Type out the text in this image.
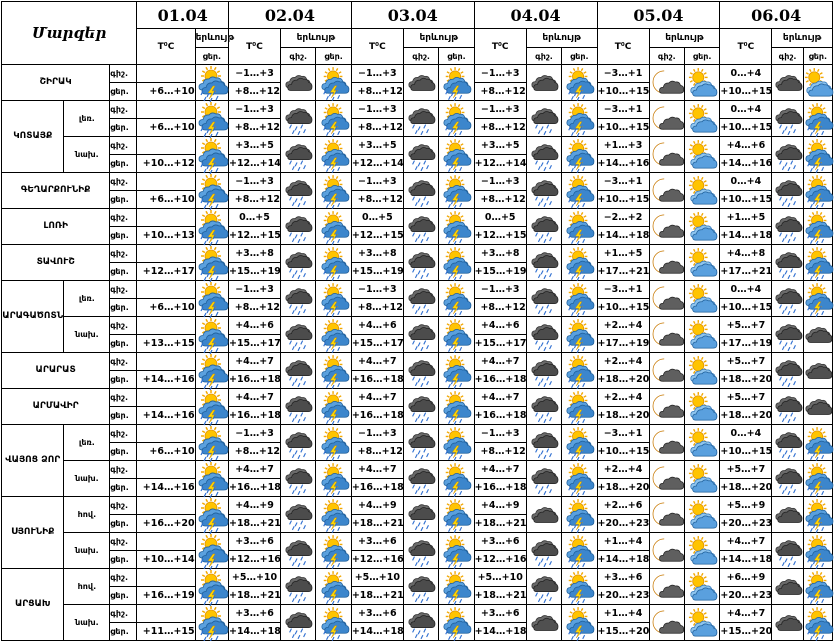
Մարզեր			01.04		02.04			03.04			04.04			05.04			06.04		
			T⁰C	երևույթ	T⁰C	երևույթ		T⁰C	երևույթ		T⁰C	երևույթ		T⁰C	երևույթ		T⁰C	երևույթ	
				ցեր.		գիշ.	ցեր.		գիշ.	ցեր.		գիշ.	ցեր.		գիշ.	ցեր.		գիշ.	ցեր.
ՇԻՐԱԿ		գիշ.			−1…+3			−1…+3			−1…+3			−3…+1			0…+4		
		ցեր.	+6…+10		+8…+12			+8…+12			+8…+12			+10…+15			+10…+15		
ԿՈՏԱՅՔ	լեռ.	գիշ.			−1…+3			−1…+3			−1…+3			−3…+1			0…+4		
		ցեր.	+6…+10		+8…+12			+8…+12			+8…+12			+10…+15			+10…+15		
	նախ.	գիշ.			+3…+5			+3…+5			+3…+5			+1…+3			+4…+6		
		ցեր.	+10…+12		+12…+14			+12…+14			+12…+14			+14…+16			+14…+16		
ԳԵՂԱՐՔՈՒՆԻՔ		գիշ.			−1…+3			−1…+3			−1…+3			−3…+1			0…+4		
		ցեր.	+6…+10		+8…+12			+8…+12			+8…+12			+10…+15			+10…+15		
ԼՈՌԻ		գիշ.			0…+5			0…+5			0…+5			−2…+2			+1…+5		
		ցեր.	+10…+13		+12…+15			+12…+15			+12…+15			+14…+18			+14…+18		
ՏԱՎՈՒՇ		գիշ.			+3…+8			+3…+8			+3…+8			+1…+5			+4…+8		
		ցեր.	+12…+17		+15…+19			+15…+19			+15…+19			+17…+21			+17…+21		
ԱՐԱԳԱԾՈՏՆ	լեռ.	գիշ.			−1…+3			−1…+3			−1…+3			−3…+1			0…+4		
		ցեր.	+6…+10		+8…+12			+8…+12			+8…+12			+10…+15			+10…+15		
	նախ.	գիշ.			+4…+6			+4…+6			+4…+6			+2…+4			+5…+7		
		ցեր.	+13…+15		+15…+17			+15…+17			+15…+17			+17…+19			+17…+19		
ԱՐԱՐԱՏ		գիշ.			+4…+7			+4…+7			+4…+7			+2…+4			+5…+7		
		ցեր.	+14…+16		+16…+18			+16…+18			+16…+18			+18…+20			+18…+20		
ԱՐՄԱՎԻՐ		գիշ.			+4…+7			+4…+7			+4…+7			+2…+4			+5…+7		
		ցեր.	+14…+16		+16…+18			+16…+18			+16…+18			+18…+20			+18…+20		
ՎԱՅՈՑ ՁՈՐ	լեռ.	գիշ.			−1…+3			−1…+3			−1…+3			−3…+1			0…+4		
		ցեր.	+6…+10		+8…+12			+8…+12			+8…+12			+10…+15			+10…+15		
	նախ.	գիշ.			+4…+7			+4…+7			+4…+7			+2…+4			+5…+7		
		ցեր.	+14…+16		+16…+18			+16…+18			+16…+18			+18…+20			+18…+20		
ՍՅՈՒՆԻՔ	հով.	գիշ.			+4…+9			+4…+9			+4…+9			+2…+6			+5…+9		
		ցեր.	+16…+20		+18…+21			+18…+21			+18…+21			+20…+23			+20…+23		
	նախ.	գիշ.			+3…+6			+3…+6			+3…+6			+1…+4			+4…+7		
		ցեր.	+10…+14		+12…+16			+12…+16			+12…+16			+14…+18			+14…+18		
ԱՐՑԱԽ	հով.	գիշ.			+5…+10			+5…+10			+5…+10			+3…+6			+6…+9		
		ցեր.	+16…+19		+18…+21			+18…+21			+18…+21			+20…+23			+20…+23		
	նախ.	գիշ.			+3…+6			+3…+6			+3…+6			+1…+4			+4…+7		
		ցեր.	+11…+15		+14…+18			+14…+18			+14…+18			+15…+20			+15…+20		
